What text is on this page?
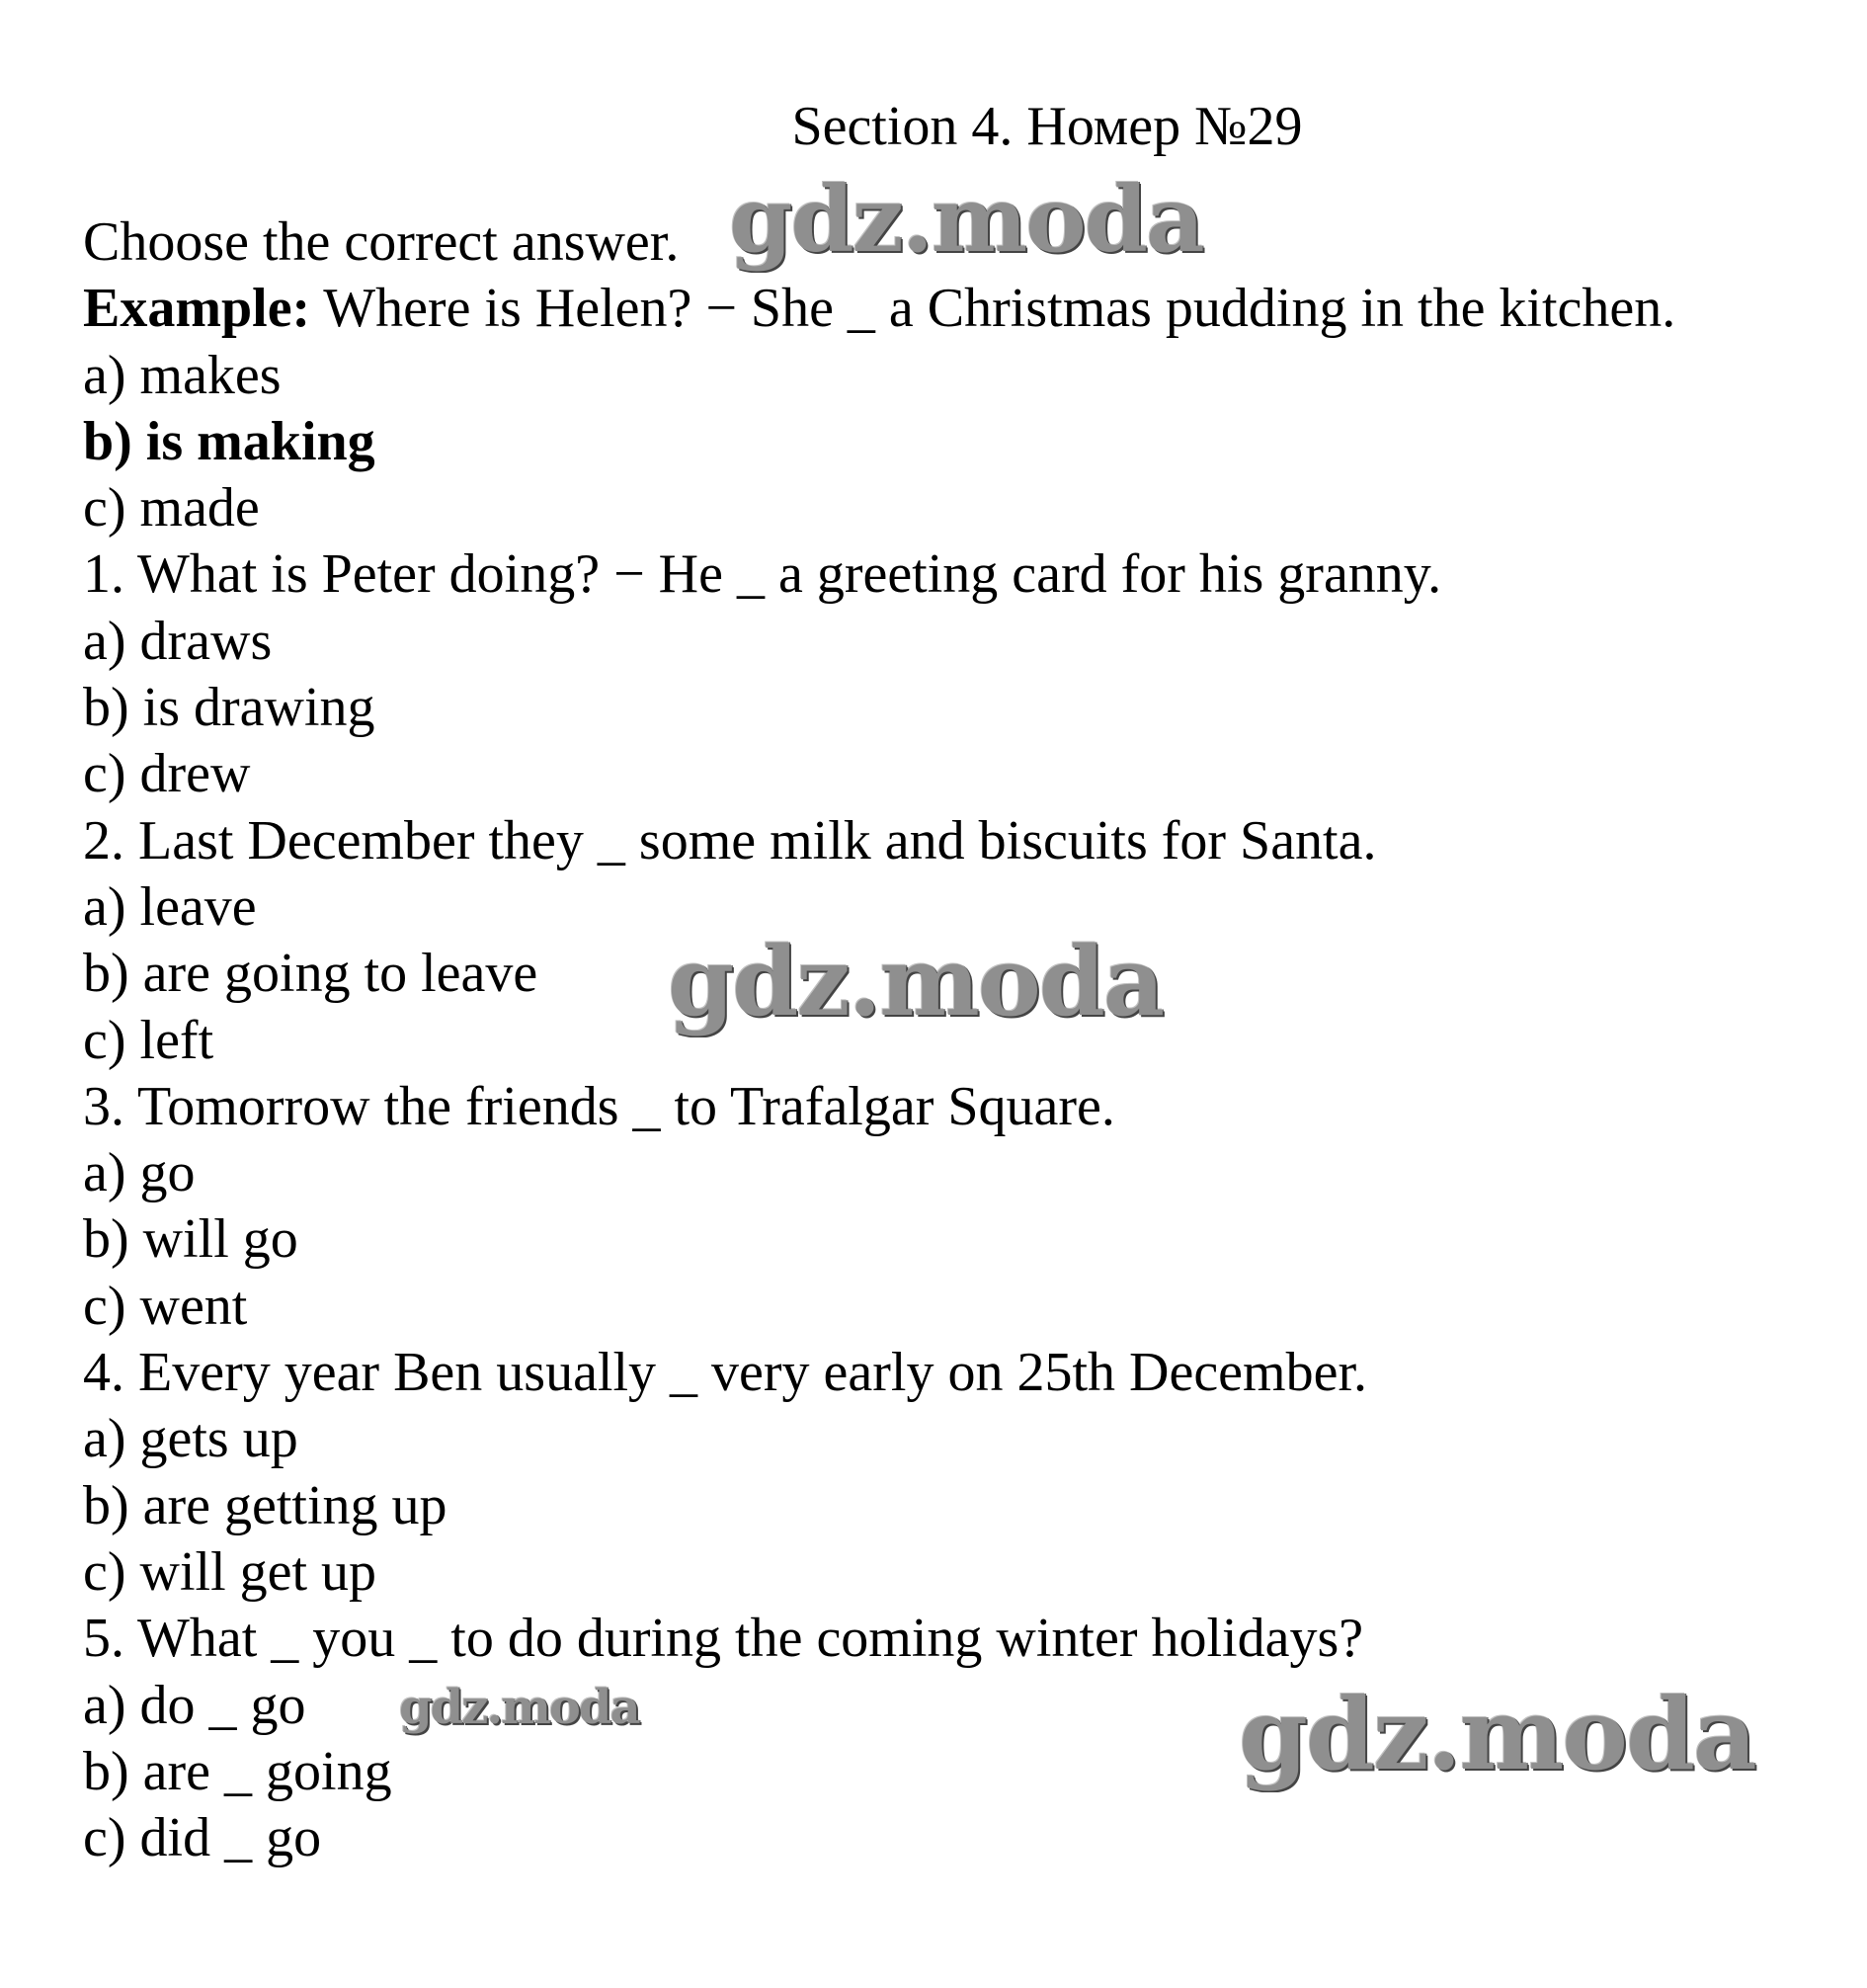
Section 4. Номер №29
Choose the correct answer.
Example: Where is Helen? − She _ a Christmas pudding in the kitchen.
a) makes
b) is making
c) made
1. What is Peter doing? − He _ a greeting card for his granny.
a) draws
b) is drawing
c) drew
2. Last December they _ some milk and biscuits for Santa.
a) leave
b) are going to leave
c) left
3. Tomorrow the friends _ to Trafalgar Square.
a) go
b) will go
c) went
4. Every year Ben usually _ very early on 25th December.
a) gets up
b) are getting up
c) will get up
5. What _ you _ to do during the coming winter holidays?
a) do _ go
b) are _ going
c) did _ go
gdz.moda
gdz.moda
gdz.moda	gdz.moda
